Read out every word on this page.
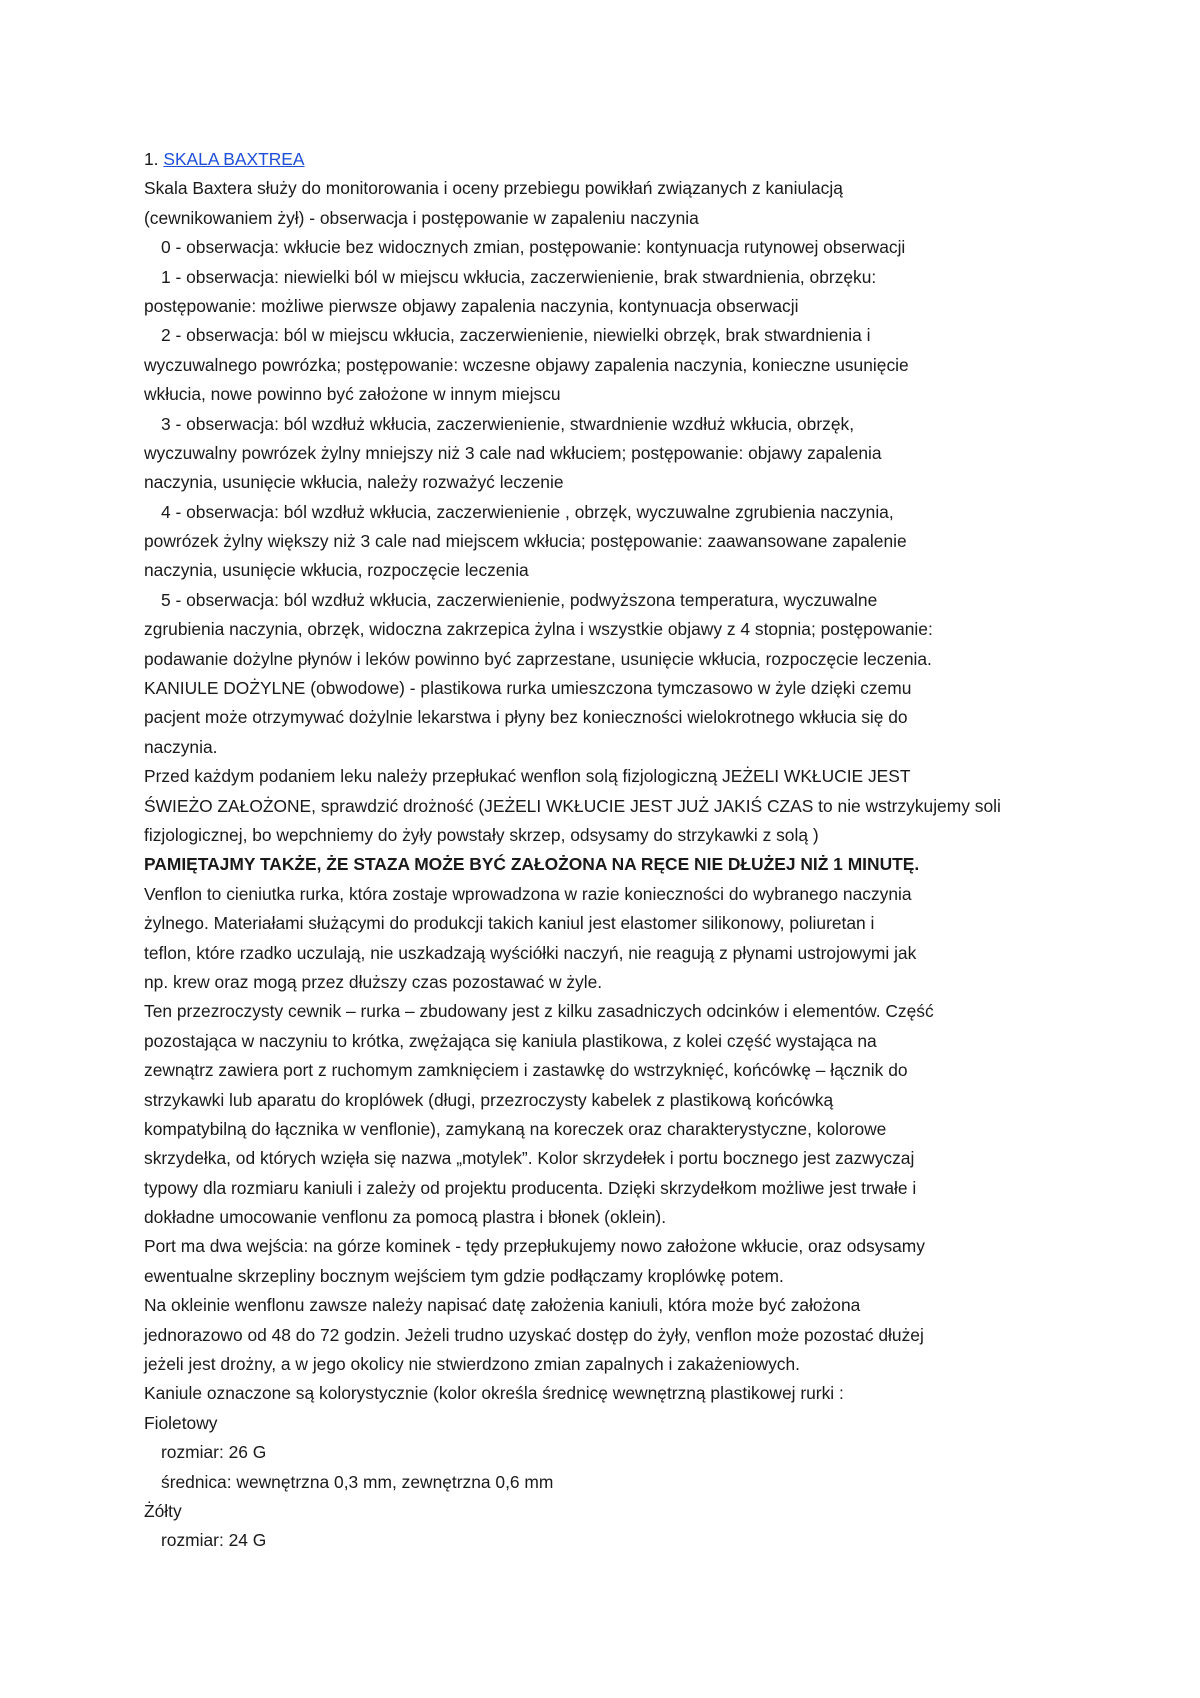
1. SKALA BAXTREA
Skala Baxtera służy do monitorowania i oceny przebiegu powikłań związanych z kaniulacją
(cewnikowaniem żył) - obserwacja i postępowanie w zapaleniu naczynia
0 - obserwacja: wkłucie bez widocznych zmian, postępowanie: kontynuacja rutynowej obserwacji
1 - obserwacja: niewielki ból w miejscu wkłucia, zaczerwienienie, brak stwardnienia, obrzęku:
postępowanie: możliwe pierwsze objawy zapalenia naczynia, kontynuacja obserwacji
2 - obserwacja: ból w miejscu wkłucia, zaczerwienienie, niewielki obrzęk, brak stwardnienia i
wyczuwalnego powrózka; postępowanie: wczesne objawy zapalenia naczynia, konieczne usunięcie
wkłucia, nowe powinno być założone w innym miejscu
3 - obserwacja: ból wzdłuż wkłucia, zaczerwienienie, stwardnienie wzdłuż wkłucia, obrzęk,
wyczuwalny powrózek żylny mniejszy niż 3 cale nad wkłuciem; postępowanie: objawy zapalenia
naczynia, usunięcie wkłucia, należy rozważyć leczenie
4 - obserwacja: ból wzdłuż wkłucia, zaczerwienienie , obrzęk, wyczuwalne zgrubienia naczynia,
powrózek żylny większy niż 3 cale nad miejscem wkłucia; postępowanie: zaawansowane zapalenie
naczynia, usunięcie wkłucia, rozpoczęcie leczenia
5 - obserwacja: ból wzdłuż wkłucia, zaczerwienienie, podwyższona temperatura, wyczuwalne
zgrubienia naczynia, obrzęk, widoczna zakrzepica żylna i wszystkie objawy z 4 stopnia; postępowanie:
podawanie dożylne płynów i leków powinno być zaprzestane, usunięcie wkłucia, rozpoczęcie leczenia.
KANIULE DOŻYLNE (obwodowe) - plastikowa rurka umieszczona tymczasowo w żyle dzięki czemu
pacjent może otrzymywać dożylnie lekarstwa i płyny bez konieczności wielokrotnego wkłucia się do
naczynia.
Przed każdym podaniem leku należy przepłukać wenflon solą fizjologiczną JEŻELI WKŁUCIE JEST
ŚWIEŻO ZAŁOŻONE, sprawdzić drożność (JEŻELI WKŁUCIE JEST JUŻ JAKIŚ CZAS to nie wstrzykujemy soli
fizjologicznej, bo wepchniemy do żyły powstały skrzep, odsysamy do strzykawki z solą )
PAMIĘTAJMY TAKŻE, ŻE STAZA MOŻE BYĆ ZAŁOŻONA NA RĘCE NIE DŁUŻEJ NIŻ 1 MINUTĘ.
Venflon to cieniutka rurka, która zostaje wprowadzona w razie konieczności do wybranego naczynia
żylnego. Materiałami służącymi do produkcji takich kaniul jest elastomer silikonowy, poliuretan i
teflon, które rzadko uczulają, nie uszkadzają wyściółki naczyń, nie reagują z płynami ustrojowymi jak
np. krew oraz mogą przez dłuższy czas pozostawać w żyle.
Ten przezroczysty cewnik – rurka – zbudowany jest z kilku zasadniczych odcinków i elementów. Część
pozostająca w naczyniu to krótka, zwężająca się kaniula plastikowa, z kolei część wystająca na
zewnątrz zawiera port z ruchomym zamknięciem i zastawkę do wstrzyknięć, końcówkę – łącznik do
strzykawki lub aparatu do kroplówek (długi, przezroczysty kabelek z plastikową końcówką
kompatybilną do łącznika w venflonie), zamykaną na koreczek oraz charakterystyczne, kolorowe
skrzydełka, od których wzięła się nazwa „motylek”. Kolor skrzydełek i portu bocznego jest zazwyczaj
typowy dla rozmiaru kaniuli i zależy od projektu producenta. Dzięki skrzydełkom możliwe jest trwałe i
dokładne umocowanie venflonu za pomocą plastra i błonek (oklein).
Port ma dwa wejścia: na górze kominek - tędy przepłukujemy nowo założone wkłucie, oraz odsysamy
ewentualne skrzepliny bocznym wejściem tym gdzie podłączamy kroplówkę potem.
Na okleinie wenflonu zawsze należy napisać datę założenia kaniuli, która może być założona
jednorazowo od 48 do 72 godzin. Jeżeli trudno uzyskać dostęp do żyły, venflon może pozostać dłużej
jeżeli jest drożny, a w jego okolicy nie stwierdzono zmian zapalnych i zakażeniowych.
Kaniule oznaczone są kolorystycznie (kolor określa średnicę wewnętrzną plastikowej rurki :
Fioletowy
rozmiar: 26 G
średnica: wewnętrzna 0,3 mm, zewnętrzna 0,6 mm
Żółty
rozmiar: 24 G
